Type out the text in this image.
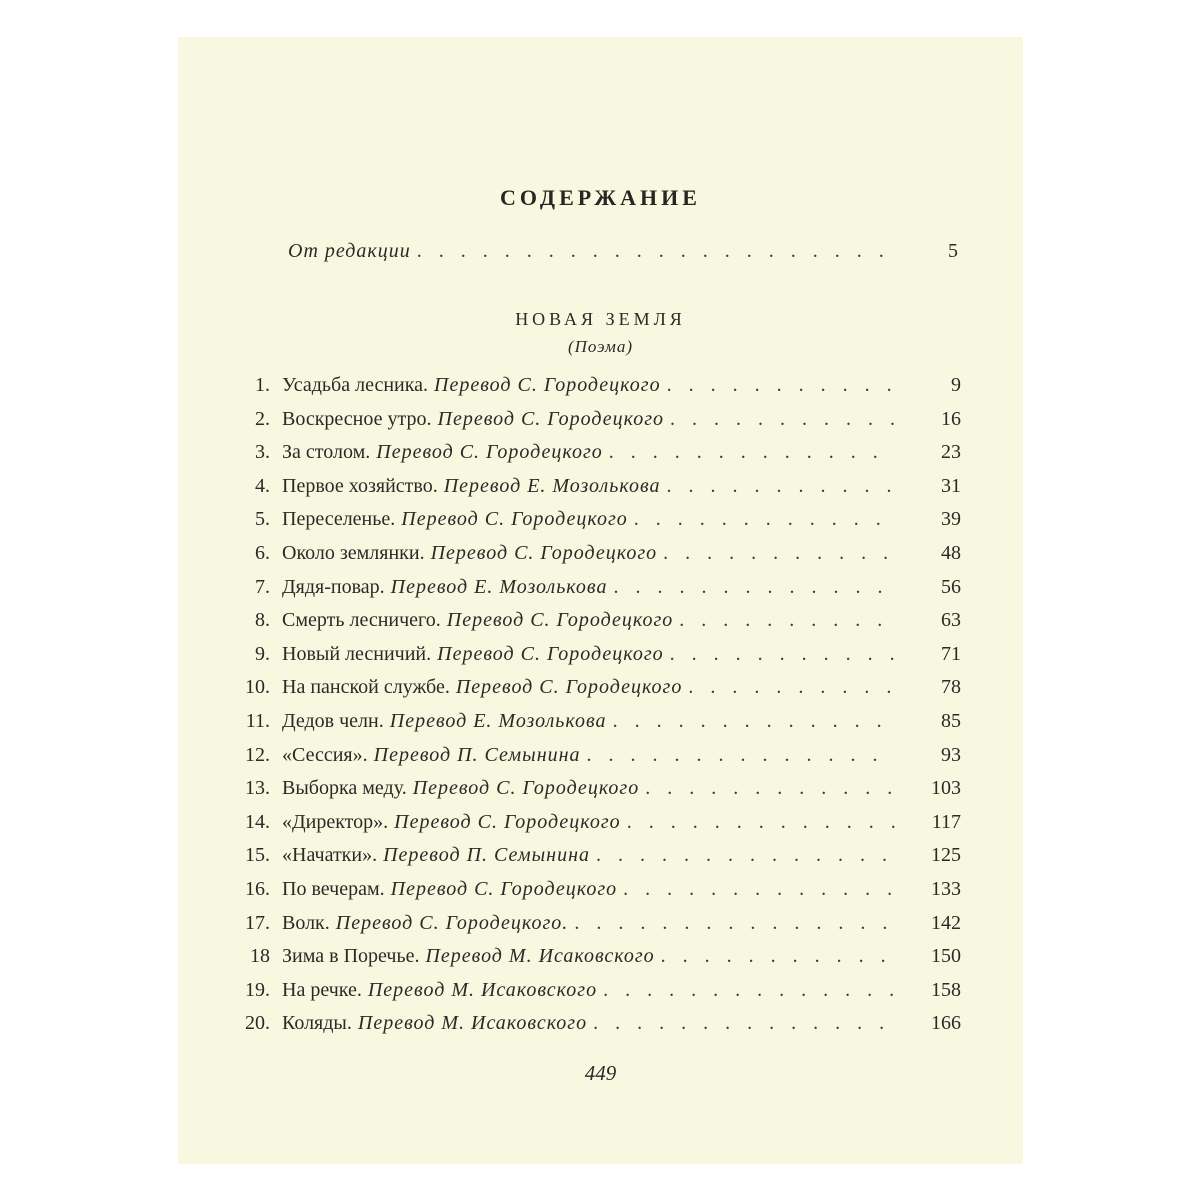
СОДЕРЖАНИЕ
От редакции . . .	5
НОВАЯ ЗЕМЛЯ
(Поэма)
1. Усадьба лесника. Перевод С. Городецкого . . .	9
2. Воскресное утро. Перевод С. Городецкого . . .	16
3. За столом. Перевод С. Городецкого . . .	23
4. Первое хозяйство. Перевод Е. Мозолькова . . .	31
5. Переселенье. Перевод С. Городецкого . . .	39
6. Около землянки. Перевод С. Городецкого . . .	48
7. Дядя-повар. Перевод Е. Мозолькова . . .	56
8. Смерть лесничего. Перевод С. Городецкого . . .	63
9. Новый лесничий. Перевод С. Городецкого . . .	71
10. На панской службе. Перевод С. Городецкого . . .	78
11. Дедов челн. Перевод Е. Мозолькова . . .	85
12. «Сессия». Перевод П. Семынина . . .	93
13. Выборка меду. Перевод С. Городецкого . . .	103
14. «Директор». Перевод С. Городецкого . . .	117
15. «Начатки». Перевод П. Семынина . . .	125
16. По вечерам. Перевод С. Городецкого . . .	133
17. Волк. Перевод С. Городецкого. . . .	142
18 Зима в Поречье. Перевод М. Исаковского . . .	150
19. На речке. Перевод М. Исаковского . . .	158
20. Коляды. Перевод М. Исаковского . . .	166
449
